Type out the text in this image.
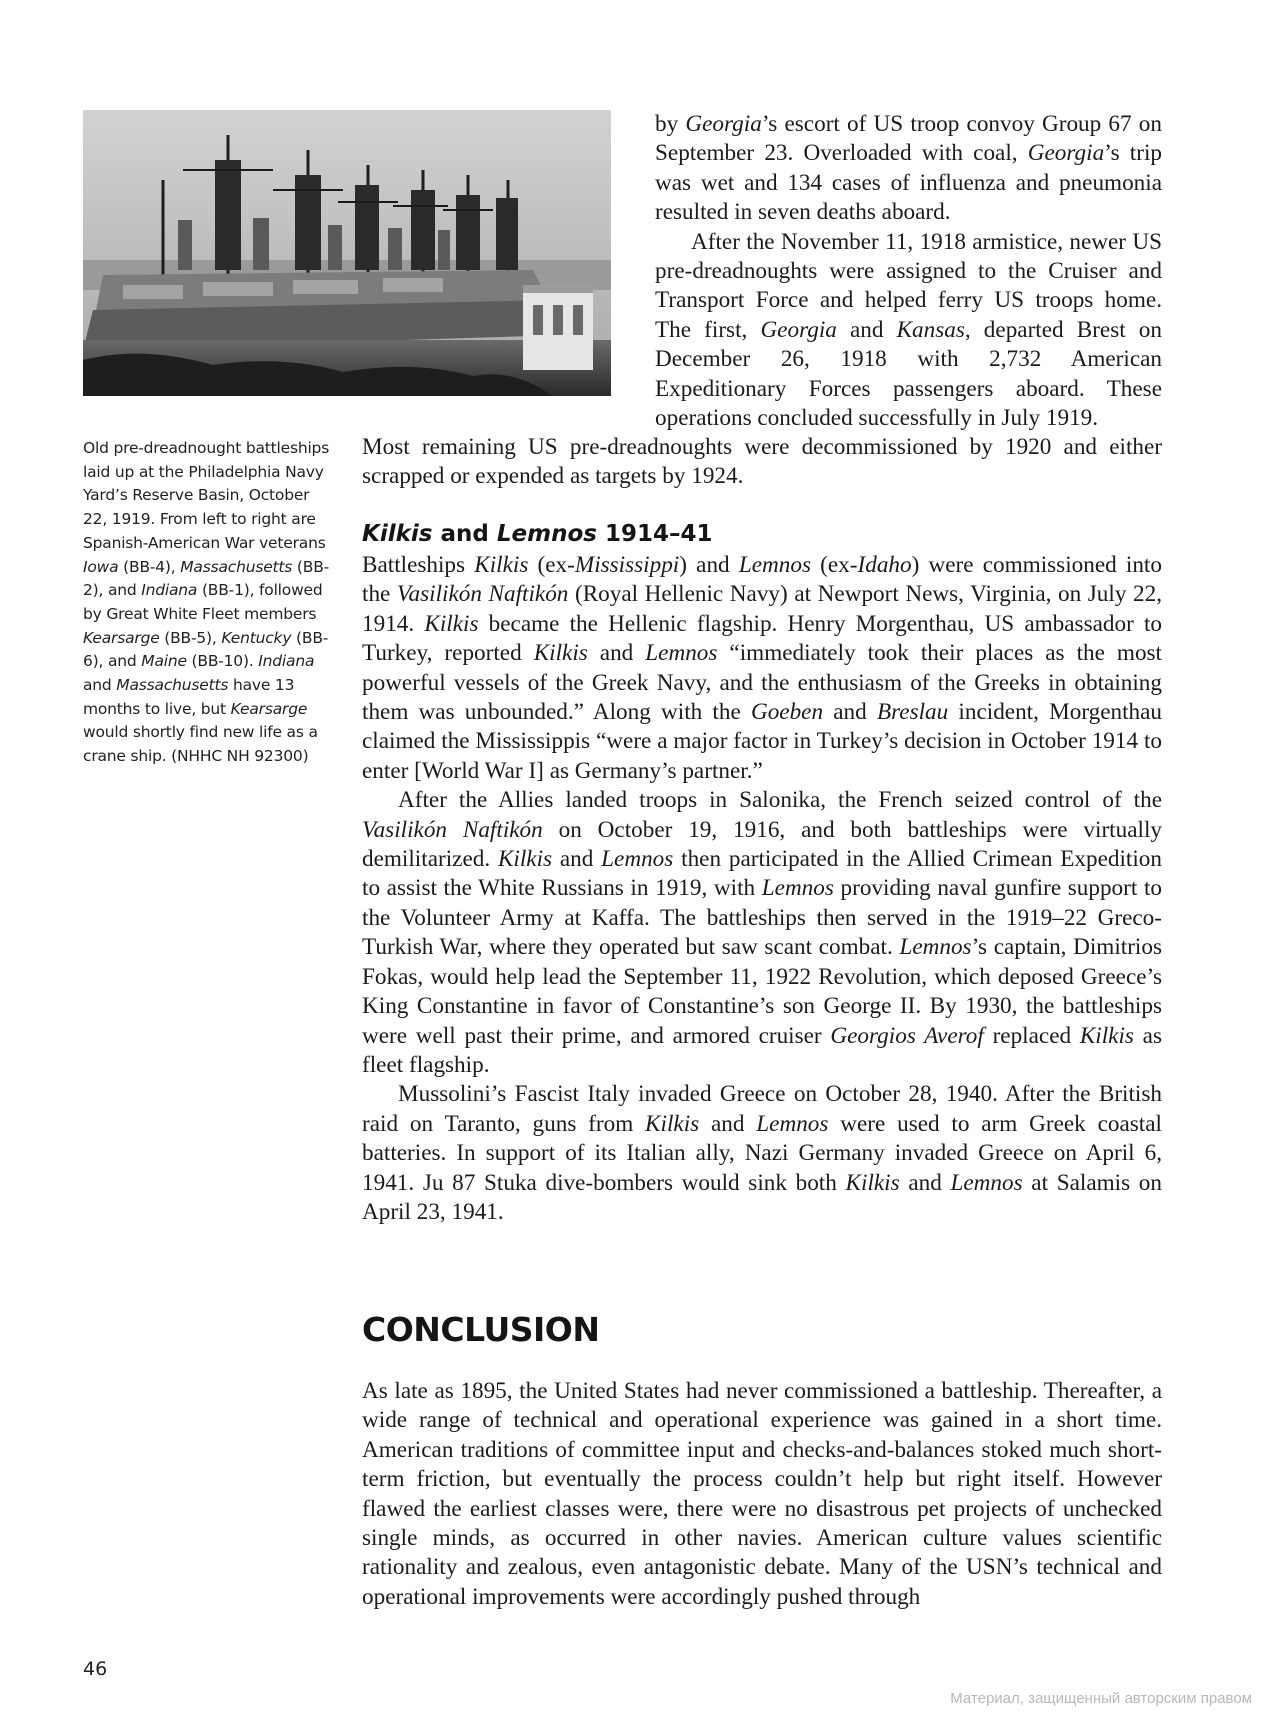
Old pre-dreadnought battleships laid up at the Philadelphia Navy Yard’s Reserve Basin, October 22, 1919. From left to right are Spanish-American War veterans Iowa (BB-4), Massachusetts (BB-2), and Indiana (BB-1), followed by Great White Fleet members Kearsarge (BB-5), Kentucky (BB-6), and Maine (BB-10). Indiana and Massachusetts have 13 months to live, but Kearsarge would shortly find new life as a crane ship. (NHHC NH 92300)

by Georgia’s escort of US troop convoy Group 67 on September 23. Overloaded with coal, Georgia’s trip was wet and 134 cases of influenza and pneumonia resulted in seven deaths aboard.

After the November 11, 1918 armistice, newer US pre-dreadnoughts were assigned to the Cruiser and Transport Force and helped ferry US troops home. The first, Georgia and Kansas, departed Brest on December 26, 1918 with 2,732 American Expeditionary Forces passengers aboard. These operations concluded successfully in July 1919.

Most remaining US pre-dreadnoughts were decommissioned by 1920 and either scrapped or expended as targets by 1924.

Kilkis and Lemnos 1914–41

Battleships Kilkis (ex-Mississippi) and Lemnos (ex-Idaho) were commissioned into the Vasilikón Naftikón (Royal Hellenic Navy) at Newport News, Virginia, on July 22, 1914. Kilkis became the Hellenic flagship. Henry Morgenthau, US ambassador to Turkey, reported Kilkis and Lemnos “immediately took their places as the most powerful vessels of the Greek Navy, and the enthusiasm of the Greeks in obtaining them was unbounded.” Along with the Goeben and Breslau incident, Morgenthau claimed the Mississippis “were a major factor in Turkey’s decision in October 1914 to enter [World War I] as Germany’s partner.”

After the Allies landed troops in Salonika, the French seized control of the Vasilikón Naftikón on October 19, 1916, and both battleships were virtually demilitarized. Kilkis and Lemnos then participated in the Allied Crimean Expedition to assist the White Russians in 1919, with Lemnos providing naval gunfire support to the Volunteer Army at Kaffa. The battleships then served in the 1919–22 Greco-Turkish War, where they operated but saw scant combat. Lemnos’s captain, Dimitrios Fokas, would help lead the September 11, 1922 Revolution, which deposed Greece’s King Constantine in favor of Constantine’s son George II. By 1930, the battleships were well past their prime, and armored cruiser Georgios Averof replaced Kilkis as fleet flagship.

Mussolini’s Fascist Italy invaded Greece on October 28, 1940. After the British raid on Taranto, guns from Kilkis and Lemnos were used to arm Greek coastal batteries. In support of its Italian ally, Nazi Germany invaded Greece on April 6, 1941. Ju 87 Stuka dive-bombers would sink both Kilkis and Lemnos at Salamis on April 23, 1941.

CONCLUSION

As late as 1895, the United States had never commissioned a battleship. Thereafter, a wide range of technical and operational experience was gained in a short time. American traditions of committee input and checks-and-balances stoked much short-term friction, but eventually the process couldn’t help but right itself. However flawed the earliest classes were, there were no disastrous pet projects of unchecked single minds, as occurred in other navies. American culture values scientific rationality and zealous, even antagonistic debate. Many of the USN’s technical and operational improvements were accordingly pushed through

46
Материал, защищенный авторским правом
